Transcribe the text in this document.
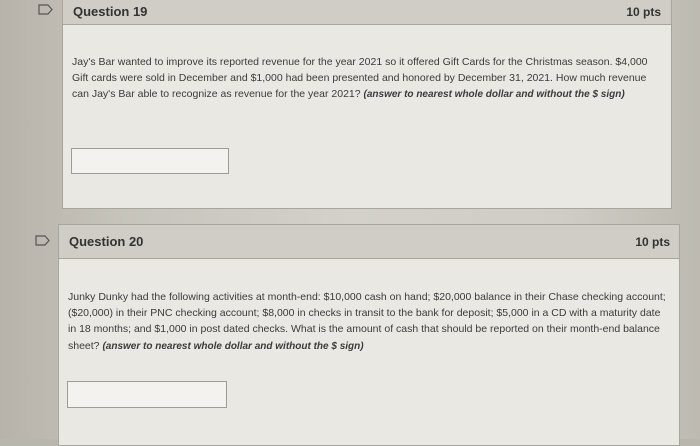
Question 19	10 pts
Jay's Bar wanted to improve its reported revenue for the year 2021 so it offered Gift Cards for the Christmas season. $4,000 Gift cards were sold in December and $1,000 had been presented and honored by December 31, 2021. How much revenue can Jay's Bar able to recognize as revenue for the year 2021? (answer to nearest whole dollar and without the $ sign)
Question 20	10 pts
Junky Dunky had the following activities at month-end: $10,000 cash on hand; $20,000 balance in their Chase checking account; ($20,000) in their PNC checking account; $8,000 in checks in transit to the bank for deposit; $5,000 in a CD with a maturity date in 18 months; and $1,000 in post dated checks. What is the amount of cash that should be reported on their month-end balance sheet? (answer to nearest whole dollar and without the $ sign)
